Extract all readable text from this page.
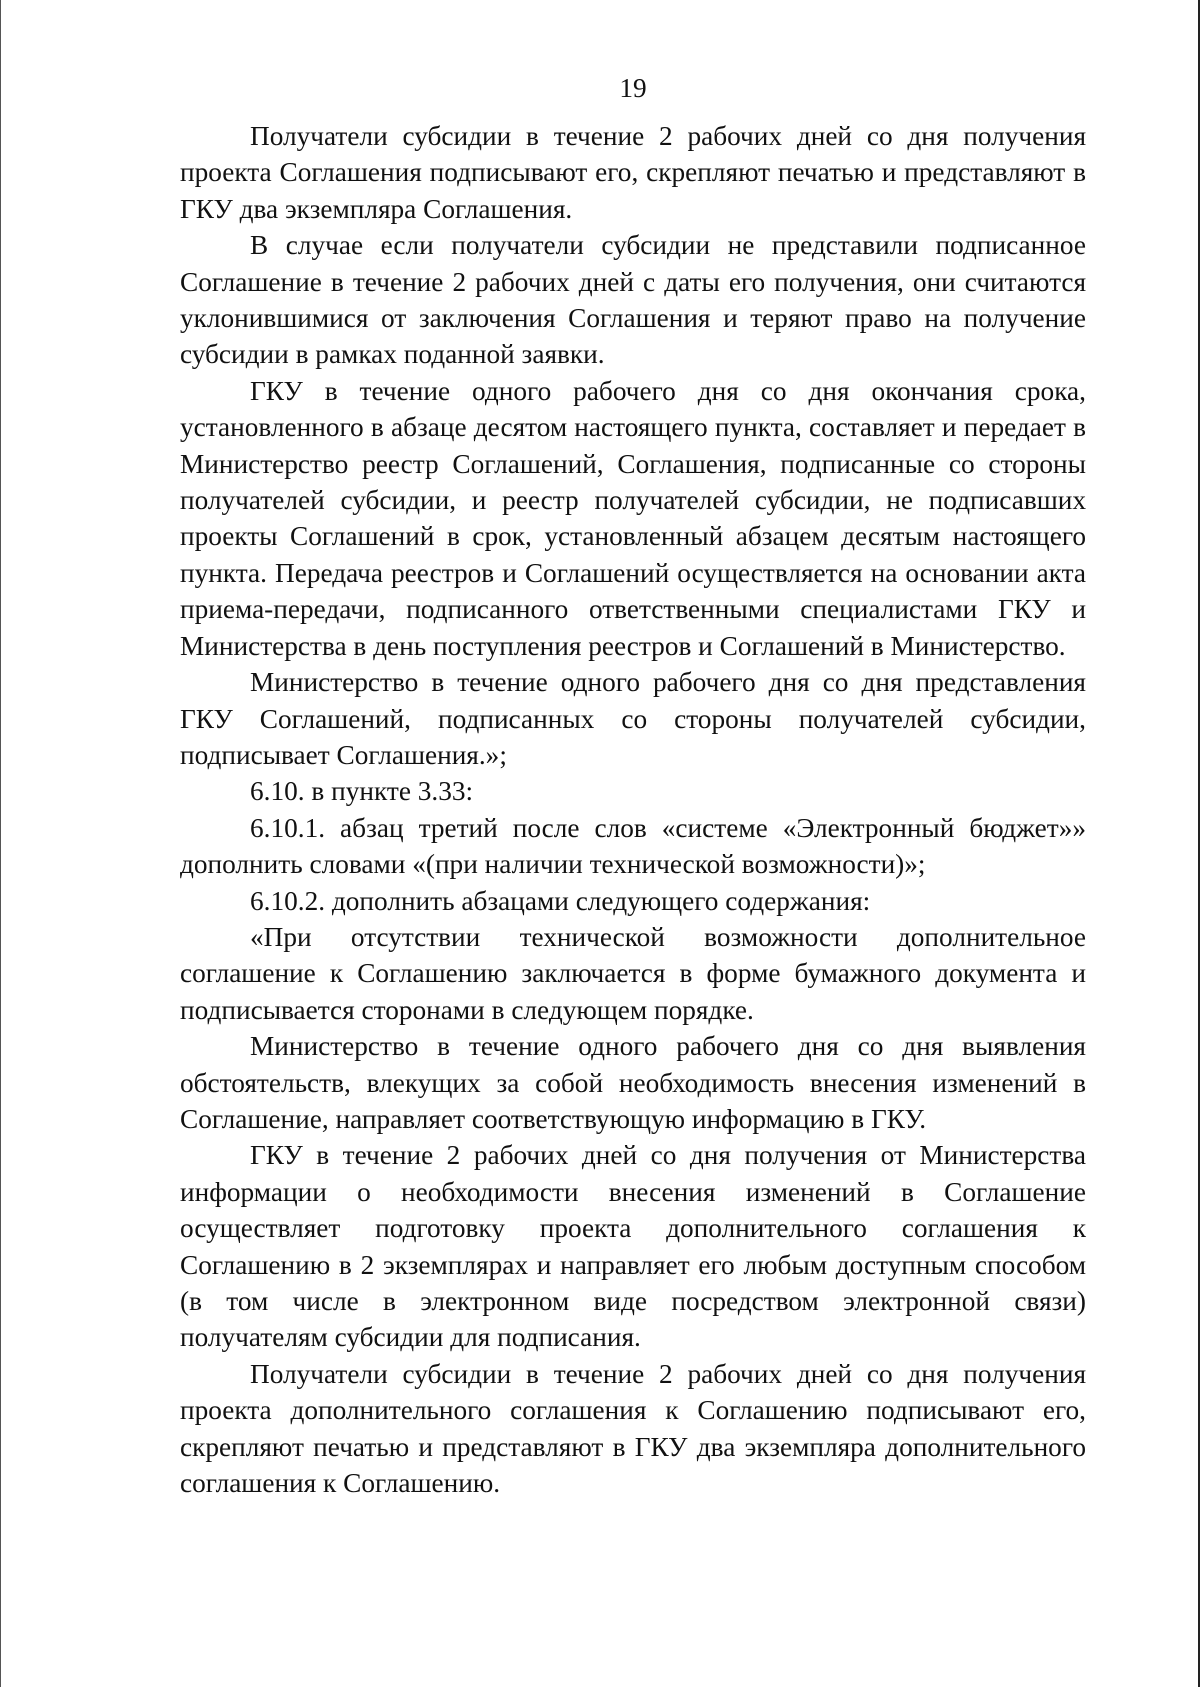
19

Получатели субсидии в течение 2 рабочих дней со дня получения проекта Соглашения подписывают его, скрепляют печатью и представляют в ГКУ два экземпляра Соглашения.

В случае если получатели субсидии не представили подписанное Соглашение в течение 2 рабочих дней с даты его получения, они считаются уклонившимися от заключения Соглашения и теряют право на получение субсидии в рамках поданной заявки.

ГКУ в течение одного рабочего дня со дня окончания срока, установленного в абзаце десятом настоящего пункта, составляет и передает в Министерство реестр Соглашений, Соглашения, подписанные со стороны получателей субсидии, и реестр получателей субсидии, не подписавших проекты Соглашений в срок, установленный абзацем десятым настоящего пункта. Передача реестров и Соглашений осуществляется на основании акта приема-передачи, подписанного ответственными специалистами ГКУ и Министерства в день поступления реестров и Соглашений в Министерство.

Министерство в течение одного рабочего дня со дня представления ГКУ Соглашений, подписанных со стороны получателей субсидии, подписывает Соглашения.»;

6.10. в пункте 3.33:

6.10.1. абзац третий после слов «системе «Электронный бюджет»» дополнить словами «(при наличии технической возможности)»;

6.10.2. дополнить абзацами следующего содержания:

«При отсутствии технической возможности дополнительное соглашение к Соглашению заключается в форме бумажного документа и подписывается сторонами в следующем порядке.

Министерство в течение одного рабочего дня со дня выявления обстоятельств, влекущих за собой необходимость внесения изменений в Соглашение, направляет соответствующую информацию в ГКУ.

ГКУ в течение 2 рабочих дней со дня получения от Министерства информации о необходимости внесения изменений в Соглашение осуществляет подготовку проекта дополнительного соглашения к Соглашению в 2 экземплярах и направляет его любым доступным способом (в том числе в электронном виде посредством электронной связи) получателям субсидии для подписания.

Получатели субсидии в течение 2 рабочих дней со дня получения проекта дополнительного соглашения к Соглашению подписывают его, скрепляют печатью и представляют в ГКУ два экземпляра дополнительного соглашения к Соглашению.
